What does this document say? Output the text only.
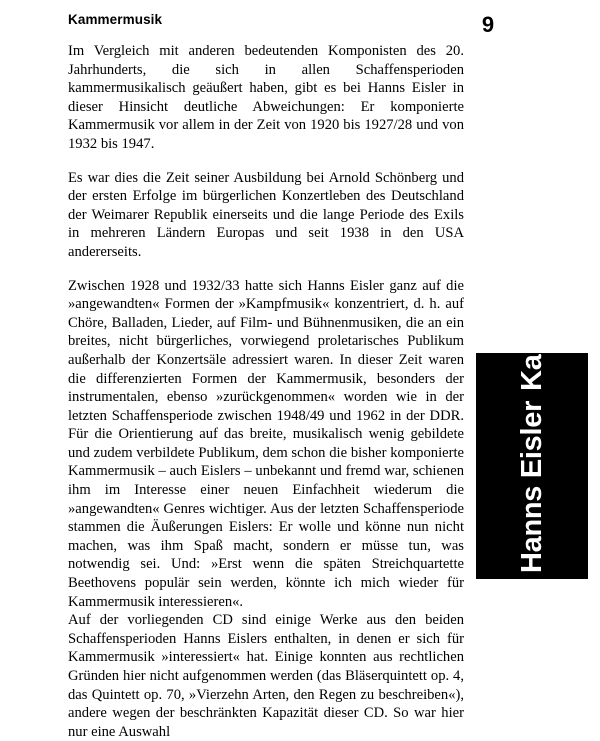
9
Kammermusik

Im Vergleich mit anderen bedeutenden Komponisten des 20. Jahrhunderts, die sich in allen Schaffensperioden kammermusikalisch geäußert haben, gibt es bei Hanns Eisler in dieser Hinsicht deutliche Abweichungen: Er komponierte Kammermusik vor allem in der Zeit von 1920 bis 1927/28 und von 1932 bis 1947.

Es war dies die Zeit seiner Ausbildung bei Arnold Schönberg und der ersten Erfolge im bürgerlichen Konzertleben des Deutschland der Weimarer Republik einerseits und die lange Periode des Exils in mehreren Ländern Europas und seit 1938 in den USA andererseits.

Zwischen 1928 und 1932/33 hatte sich Hanns Eisler ganz auf die »angewandten« Formen der »Kampfmusik« konzentriert, d. h. auf Chöre, Balladen, Lieder, auf Film- und Bühnenmusiken, die an ein breites, nicht bürgerliches, vorwiegend proletarisches Publikum außerhalb der Konzertsäle adressiert waren. In dieser Zeit waren die differenzierten Formen der Kammermusik, besonders der instrumentalen, ebenso »zurückgenommen« worden wie in der letzten Schaffensperiode zwischen 1948/49 und 1962 in der DDR. Für die Orientierung auf das breite, musikalisch wenig gebildete und zudem verbildete Publikum, dem schon die bisher komponierte Kammermusik – auch Eislers – unbekannt und fremd war, schienen ihm im Interesse einer neuen Einfachheit wiederum die »angewandten« Genres wichtiger. Aus der letzten Schaffensperiode stammen die Äußerungen Eislers: Er wolle und könne nun nicht machen, was ihm Spaß macht, sondern er müsse tun, was notwendig sei. Und: »Erst wenn die späten Streichquartette Beethovens populär sein werden, könnte ich mich wieder für Kammermusik interessieren«.

Auf der vorliegenden CD sind einige Werke aus den beiden Schaffensperioden Hanns Eislers enthalten, in denen er sich für Kammermusik »interessiert« hat. Einige konnten aus rechtlichen Gründen hier nicht aufgenommen werden (das Bläserquintett op. 4, das Quintett op. 70, »Vierzehn Arten, den Regen zu beschreiben«), andere wegen der beschränkten Kapazität dieser CD. So war hier nur eine Auswahl

Hanns EislerKammermusik
